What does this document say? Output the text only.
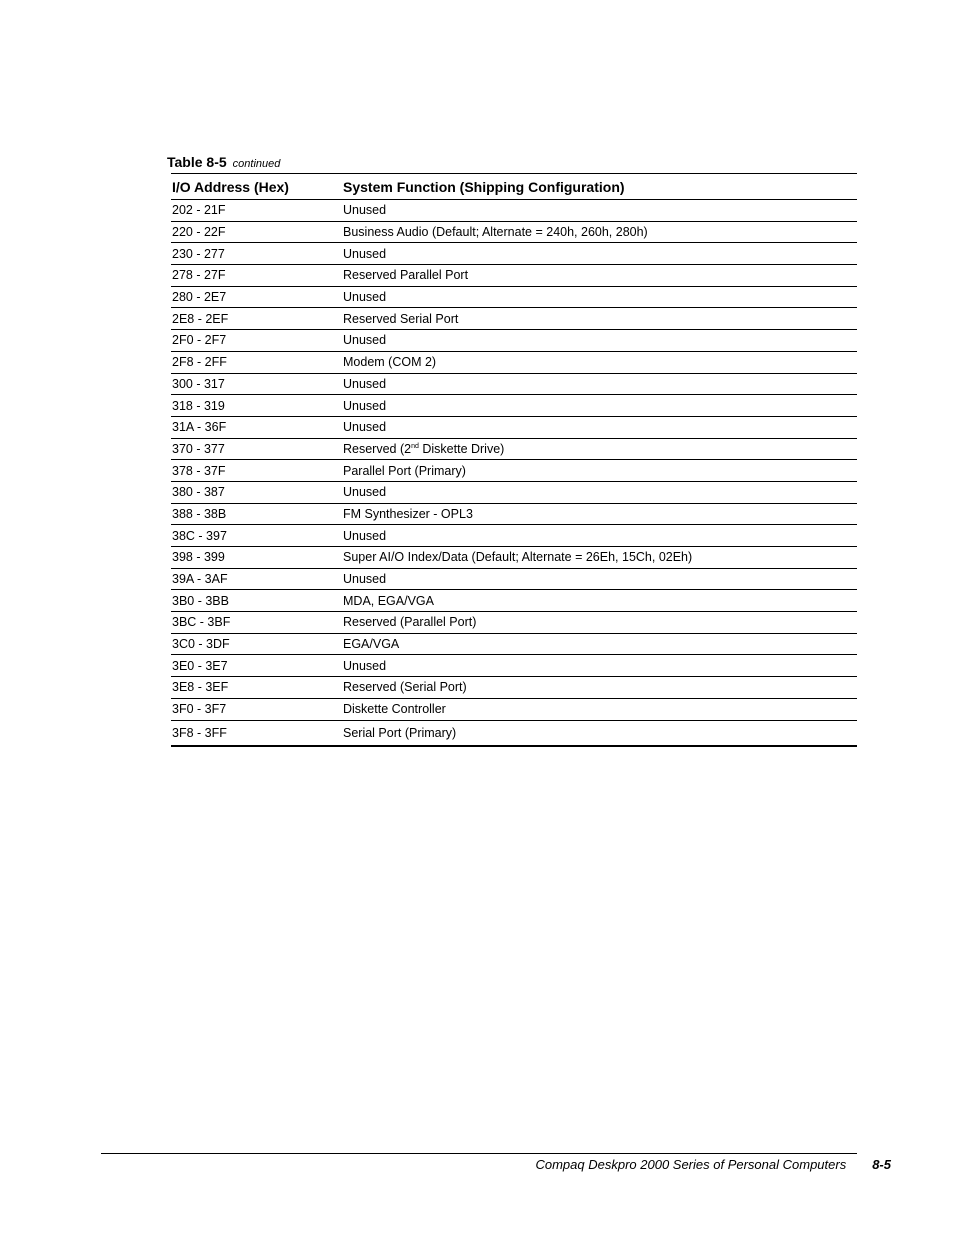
Table 8-5 continued
I/O Address (Hex)	System Function (Shipping Configuration)
202 - 21F	Unused
220 - 22F	Business Audio (Default; Alternate = 240h, 260h, 280h)
230 - 277	Unused
278 - 27F	Reserved Parallel Port
280 - 2E7	Unused
2E8 - 2EF	Reserved Serial Port
2F0 - 2F7	Unused
2F8 - 2FF	Modem (COM 2)
300 - 317	Unused
318 - 319	Unused
31A - 36F	Unused
370 - 377	Reserved (2nd Diskette Drive)
378 - 37F	Parallel Port (Primary)
380 - 387	Unused
388 - 38B	FM Synthesizer - OPL3
38C - 397	Unused
398 - 399	Super AI/O Index/Data (Default; Alternate = 26Eh, 15Ch, 02Eh)
39A - 3AF	Unused
3B0 - 3BB	MDA, EGA/VGA
3BC - 3BF	Reserved (Parallel Port)
3C0 - 3DF	EGA/VGA
3E0 - 3E7	Unused
3E8 - 3EF	Reserved (Serial Port)
3F0 - 3F7	Diskette Controller
3F8 - 3FF	Serial Port (Primary)
Compaq Deskpro 2000 Series of Personal Computers 8-5
